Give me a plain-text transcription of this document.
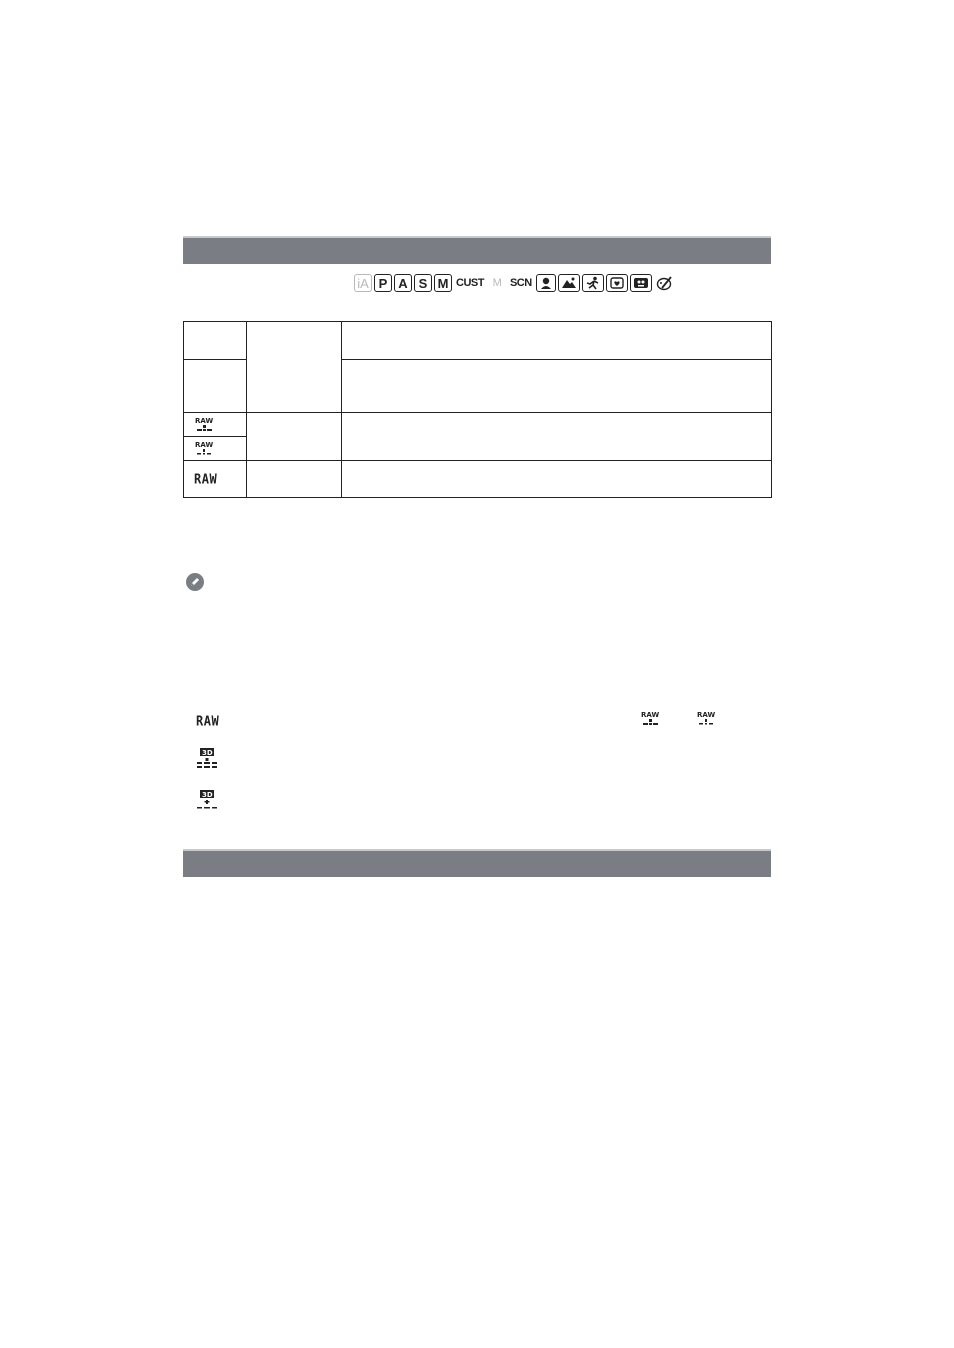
iA P A S M CUST M SCN

RAW		

RAW		

RAW		
RAW	RAW	RAW
3D
3D
